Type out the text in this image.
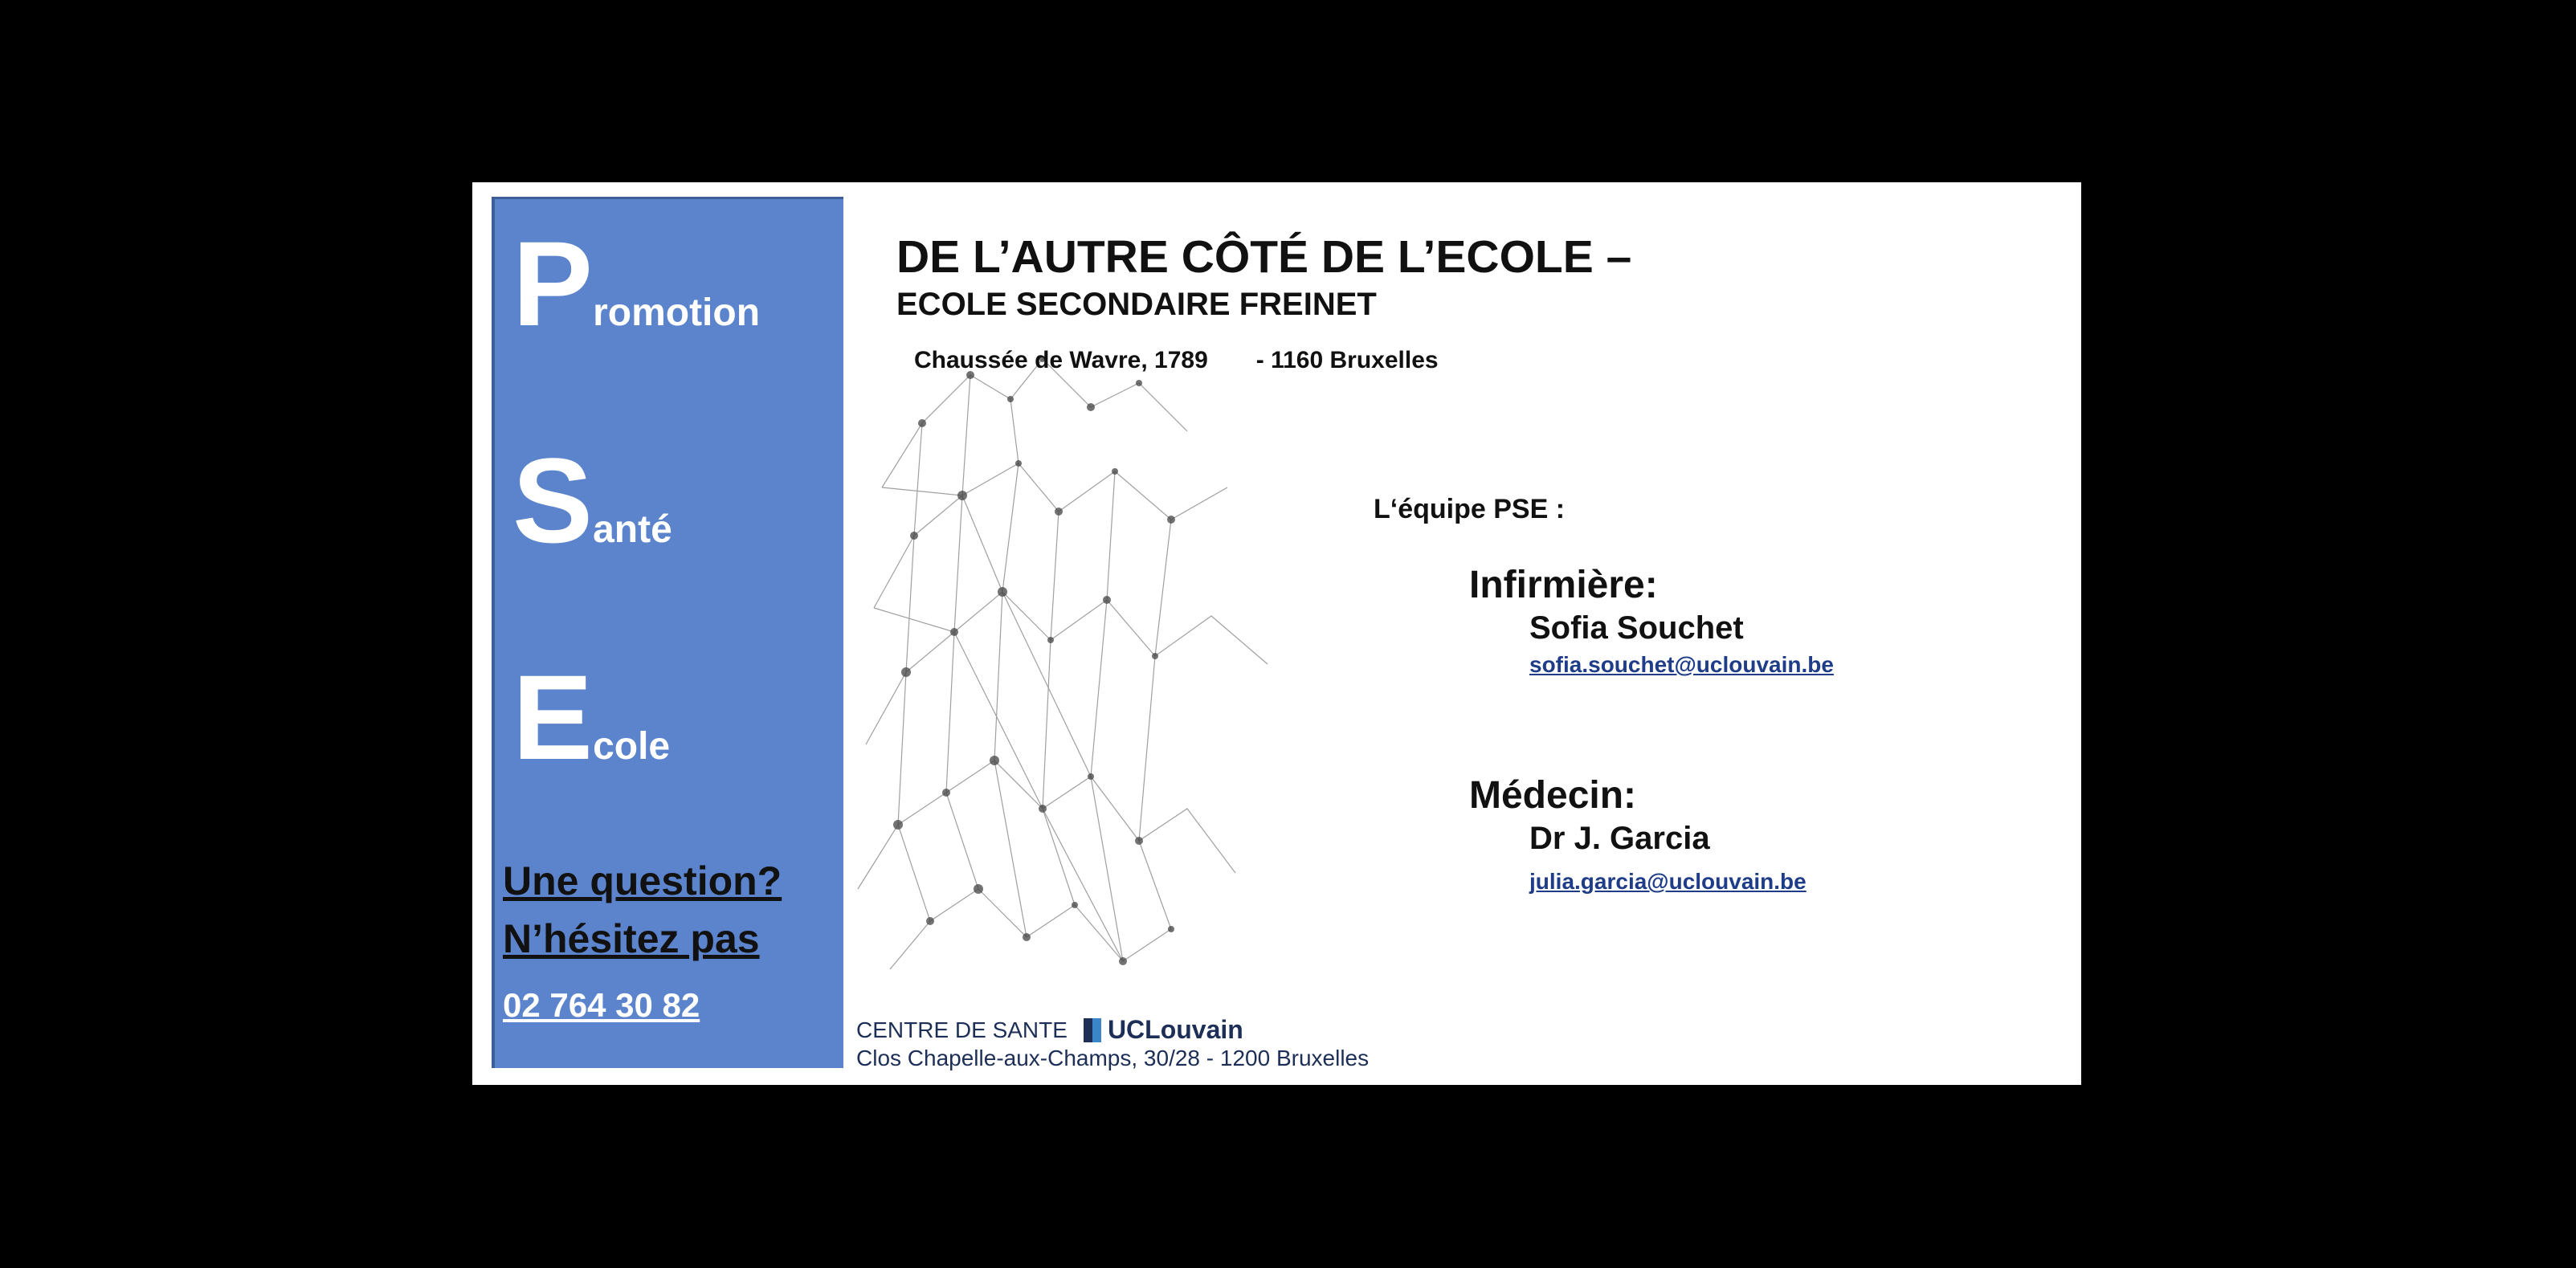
Promotion
Santé
Ecole
Une question?
N’hésitez pas
02 764 30 82
DE L’AUTRE CÔTÉ DE L’ECOLE –
ECOLE SECONDAIRE FREINET
Chaussée de Wavre, 1789 - 1160 Bruxelles
L‘équipe PSE :
Infirmière:
Sofia Souchet
sofia.souchet@uclouvain.be
Médecin:
Dr J. Garcia
julia.garcia@uclouvain.be
CENTRE DE SANTE UCLouvain
Clos Chapelle-aux-Champs, 30/28 - 1200 Bruxelles
